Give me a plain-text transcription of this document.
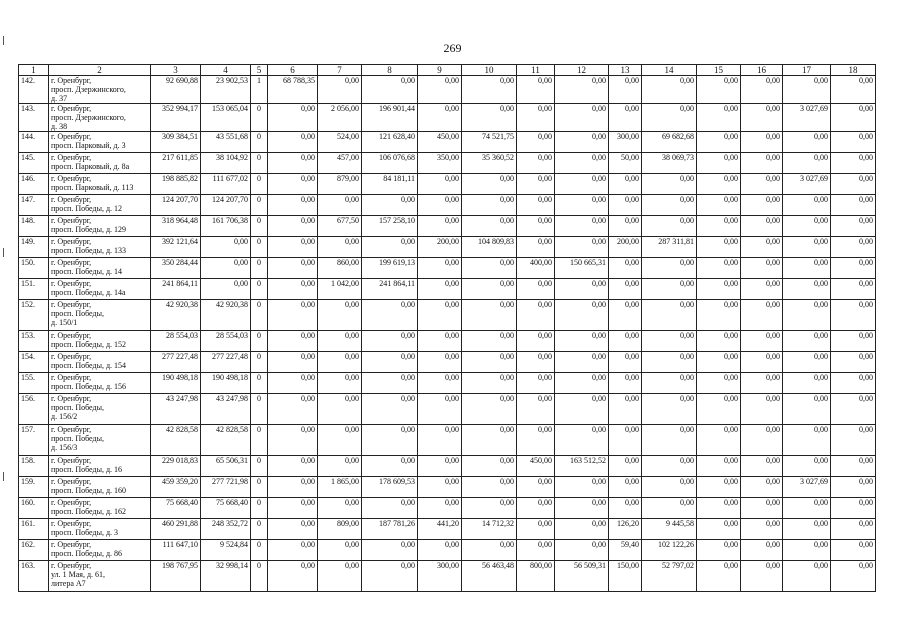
269
1	2	3	4	5	6	7	8	9	10	11	12	13	14	15	16	17	18
142.	г. Оренбург,
просп. Дзержинского,
д. 37	92 690,88	23 902,53	1	68 788,35	0,00	0,00	0,00	0,00	0,00	0,00	0,00	0,00	0,00	0,00	0,00	0,00
143.	г. Оренбург,
просп. Дзержинского,
д. 38	352 994,17	153 065,04	0	0,00	2 056,00	196 901,44	0,00	0,00	0,00	0,00	0,00	0,00	0,00	0,00	3 027,69	0,00
144.	г. Оренбург,
просп. Парковый, д. 3	309 384,51	43 551,68	0	0,00	524,00	121 628,40	450,00	74 521,75	0,00	0,00	300,00	69 682,68	0,00	0,00	0,00	0,00
145.	г. Оренбург,
просп. Парковый, д. 8а	217 611,85	38 104,92	0	0,00	457,00	106 076,68	350,00	35 360,52	0,00	0,00	50,00	38 069,73	0,00	0,00	0,00	0,00
146.	г. Оренбург,
просп. Парковый, д. 113	198 885,82	111 677,02	0	0,00	879,00	84 181,11	0,00	0,00	0,00	0,00	0,00	0,00	0,00	0,00	3 027,69	0,00
147.	г. Оренбург,
просп. Победы, д. 12	124 207,70	124 207,70	0	0,00	0,00	0,00	0,00	0,00	0,00	0,00	0,00	0,00	0,00	0,00	0,00	0,00
148.	г. Оренбург,
просп. Победы, д. 129	318 964,48	161 706,38	0	0,00	677,50	157 258,10	0,00	0,00	0,00	0,00	0,00	0,00	0,00	0,00	0,00	0,00
149.	г. Оренбург,
просп. Победы, д. 133	392 121,64	0,00	0	0,00	0,00	0,00	200,00	104 809,83	0,00	0,00	200,00	287 311,81	0,00	0,00	0,00	0,00
150.	г. Оренбург,
просп. Победы, д. 14	350 284,44	0,00	0	0,00	860,00	199 619,13	0,00	0,00	400,00	150 665,31	0,00	0,00	0,00	0,00	0,00	0,00
151.	г. Оренбург,
просп. Победы, д. 14а	241 864,11	0,00	0	0,00	1 042,00	241 864,11	0,00	0,00	0,00	0,00	0,00	0,00	0,00	0,00	0,00	0,00
152.	г. Оренбург,
просп. Победы,
д. 150/1	42 920,38	42 920,38	0	0,00	0,00	0,00	0,00	0,00	0,00	0,00	0,00	0,00	0,00	0,00	0,00	0,00
153.	г. Оренбург,
просп. Победы, д. 152	28 554,03	28 554,03	0	0,00	0,00	0,00	0,00	0,00	0,00	0,00	0,00	0,00	0,00	0,00	0,00	0,00
154.	г. Оренбург,
просп. Победы, д. 154	277 227,48	277 227,48	0	0,00	0,00	0,00	0,00	0,00	0,00	0,00	0,00	0,00	0,00	0,00	0,00	0,00
155.	г. Оренбург,
просп. Победы, д. 156	190 498,18	190 498,18	0	0,00	0,00	0,00	0,00	0,00	0,00	0,00	0,00	0,00	0,00	0,00	0,00	0,00
156.	г. Оренбург,
просп. Победы,
д. 156/2	43 247,98	43 247,98	0	0,00	0,00	0,00	0,00	0,00	0,00	0,00	0,00	0,00	0,00	0,00	0,00	0,00
157.	г. Оренбург,
просп. Победы,
д. 156/3	42 828,58	42 828,58	0	0,00	0,00	0,00	0,00	0,00	0,00	0,00	0,00	0,00	0,00	0,00	0,00	0,00
158.	г. Оренбург,
просп. Победы, д. 16	229 018,83	65 506,31	0	0,00	0,00	0,00	0,00	0,00	450,00	163 512,52	0,00	0,00	0,00	0,00	0,00	0,00
159.	г. Оренбург,
просп. Победы, д. 160	459 359,20	277 721,98	0	0,00	1 865,00	178 609,53	0,00	0,00	0,00	0,00	0,00	0,00	0,00	0,00	3 027,69	0,00
160.	г. Оренбург,
просп. Победы, д. 162	75 668,40	75 668,40	0	0,00	0,00	0,00	0,00	0,00	0,00	0,00	0,00	0,00	0,00	0,00	0,00	0,00
161.	г. Оренбург,
просп. Победы, д. 3	460 291,88	248 352,72	0	0,00	809,00	187 781,26	441,20	14 712,32	0,00	0,00	126,20	9 445,58	0,00	0,00	0,00	0,00
162.	г. Оренбург,
просп. Победы, д. 86	111 647,10	9 524,84	0	0,00	0,00	0,00	0,00	0,00	0,00	0,00	59,40	102 122,26	0,00	0,00	0,00	0,00
163.	г. Оренбург,
ул. 1 Мая, д. 61,
литера А7	198 767,95	32 998,14	0	0,00	0,00	0,00	300,00	56 463,48	800,00	56 509,31	150,00	52 797,02	0,00	0,00	0,00	0,00
